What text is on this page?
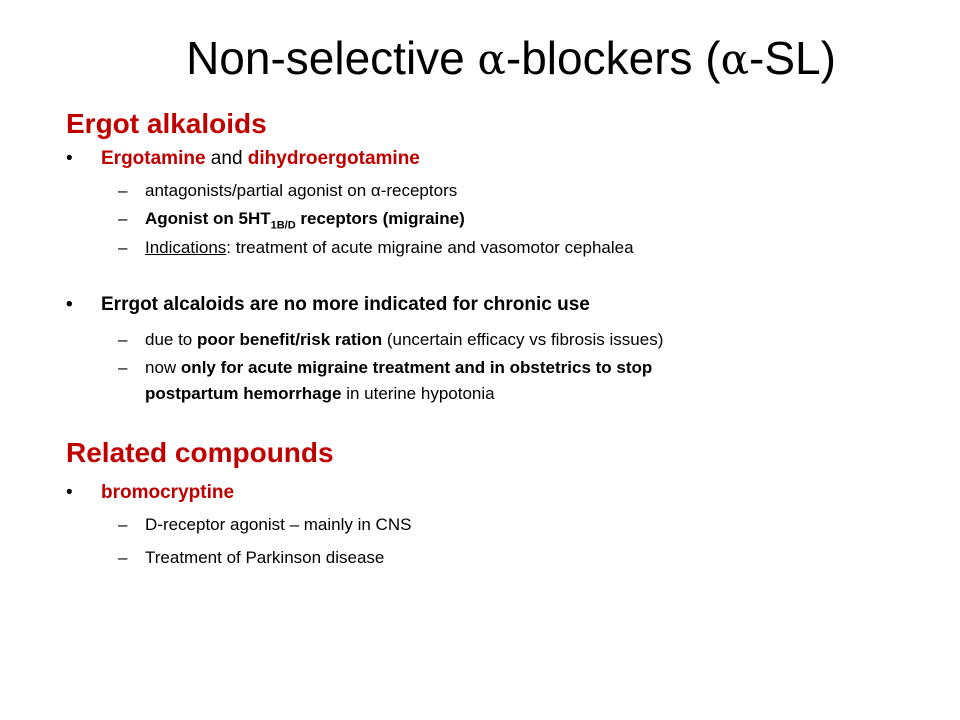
Non-selective α-blockers (α-SL)
Ergot alkaloids
• Ergotamine and dihydroergotamine
– antagonists/partial agonist on α-receptors
– Agonist on $5HT_{1B/D}$ receptors (migraine)
– Indications: treatment of acute migraine and vasomotor cephalea
• Errgot alcaloids are no more indicated for chronic use
– due to poor benefit/risk ration (uncertain efficacy vs fibrosis issues)
– now only for acute migraine treatment and in obstetrics to stop
postpartum hemorrhage in uterine hypotonia
Related compounds
• bromocryptine
– D-receptor agonist – mainly in CNS
– Treatment of Parkinson disease
